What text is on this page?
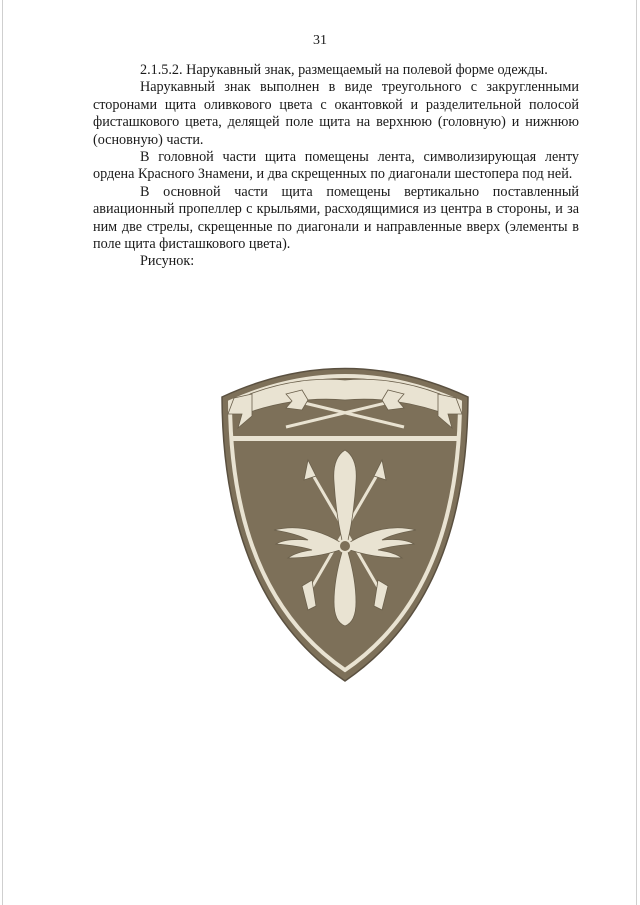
31

2.1.5.2. Нарукавный знак, размещаемый на полевой форме одежды.

Нарукавный знак выполнен в виде треугольного с закругленными сторонами щита оливкового цвета с окантовкой и разделительной полосой фисташкового цвета, делящей поле щита на верхнюю (головную) и нижнюю (основную) части.

В головной части щита помещены лента, символизирующая ленту ордена Красного Знамени, и два скрещенных по диагонали шестопера под ней.

В основной части щита помещены вертикально поставленный авиационный пропеллер с крыльями, расходящимися из центра в стороны, и за ним две стрелы, скрещенные по диагонали и направленные вверх (элементы в поле щита фисташкового цвета).

Рисунок:
